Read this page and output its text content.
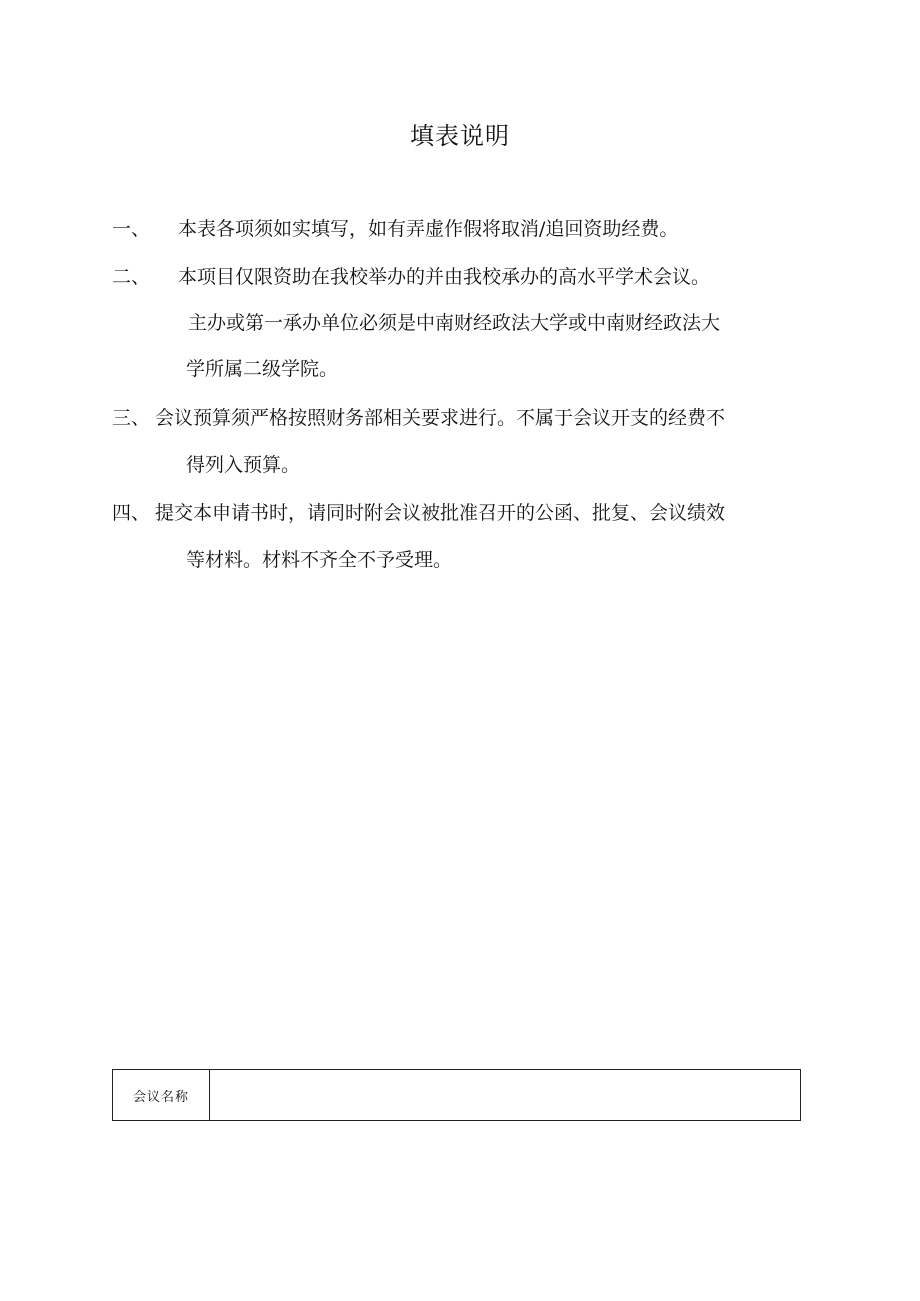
填表说明
一、 本表各项须如实填写，如有弄虚作假将取消/追回资助经费。
二、 本项目仅限资助在我校举办的并由我校承办的高水平学术会议。
主办或第一承办单位必须是中南财经政法大学或中南财经政法大
学所属二级学院。
三、 会议预算须严格按照财务部相关要求进行。不属于会议开支的经费不
得列入预算。
四、 提交本申请书时，请同时附会议被批准召开的公函、批复、会议绩效
等材料。材料不齐全不予受理。
会议名称
